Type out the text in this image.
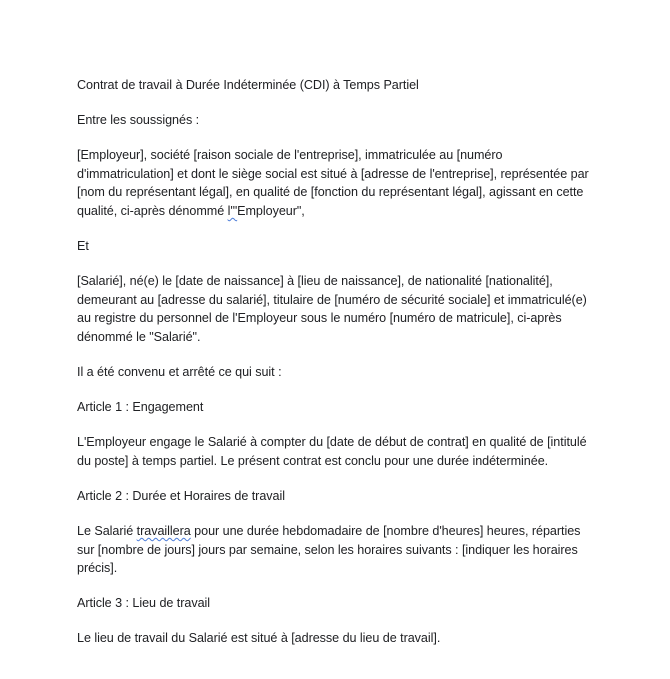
Contrat de travail à Durée Indéterminée (CDI) à Temps Partiel

Entre les soussignés :

[Employeur], société [raison sociale de l'entreprise], immatriculée au [numéro d'immatriculation] et dont le siège social est situé à [adresse de l'entreprise], représentée par [nom du représentant légal], en qualité de [fonction du représentant légal], agissant en cette qualité, ci-après dénommé l'"Employeur",

Et

[Salarié], né(e) le [date de naissance] à [lieu de naissance], de nationalité [nationalité], demeurant au [adresse du salarié], titulaire de [numéro de sécurité sociale] et immatriculé(e) au registre du personnel de l'Employeur sous le numéro [numéro de matricule], ci-après dénommé le "Salarié".

Il a été convenu et arrêté ce qui suit :

Article 1 : Engagement

L'Employeur engage le Salarié à compter du [date de début de contrat] en qualité de [intitulé du poste] à temps partiel. Le présent contrat est conclu pour une durée indéterminée.

Article 2 : Durée et Horaires de travail

Le Salarié travaillera pour une durée hebdomadaire de [nombre d'heures] heures, réparties sur [nombre de jours] jours par semaine, selon les horaires suivants : [indiquer les horaires précis].

Article 3 : Lieu de travail

Le lieu de travail du Salarié est situé à [adresse du lieu de travail].
